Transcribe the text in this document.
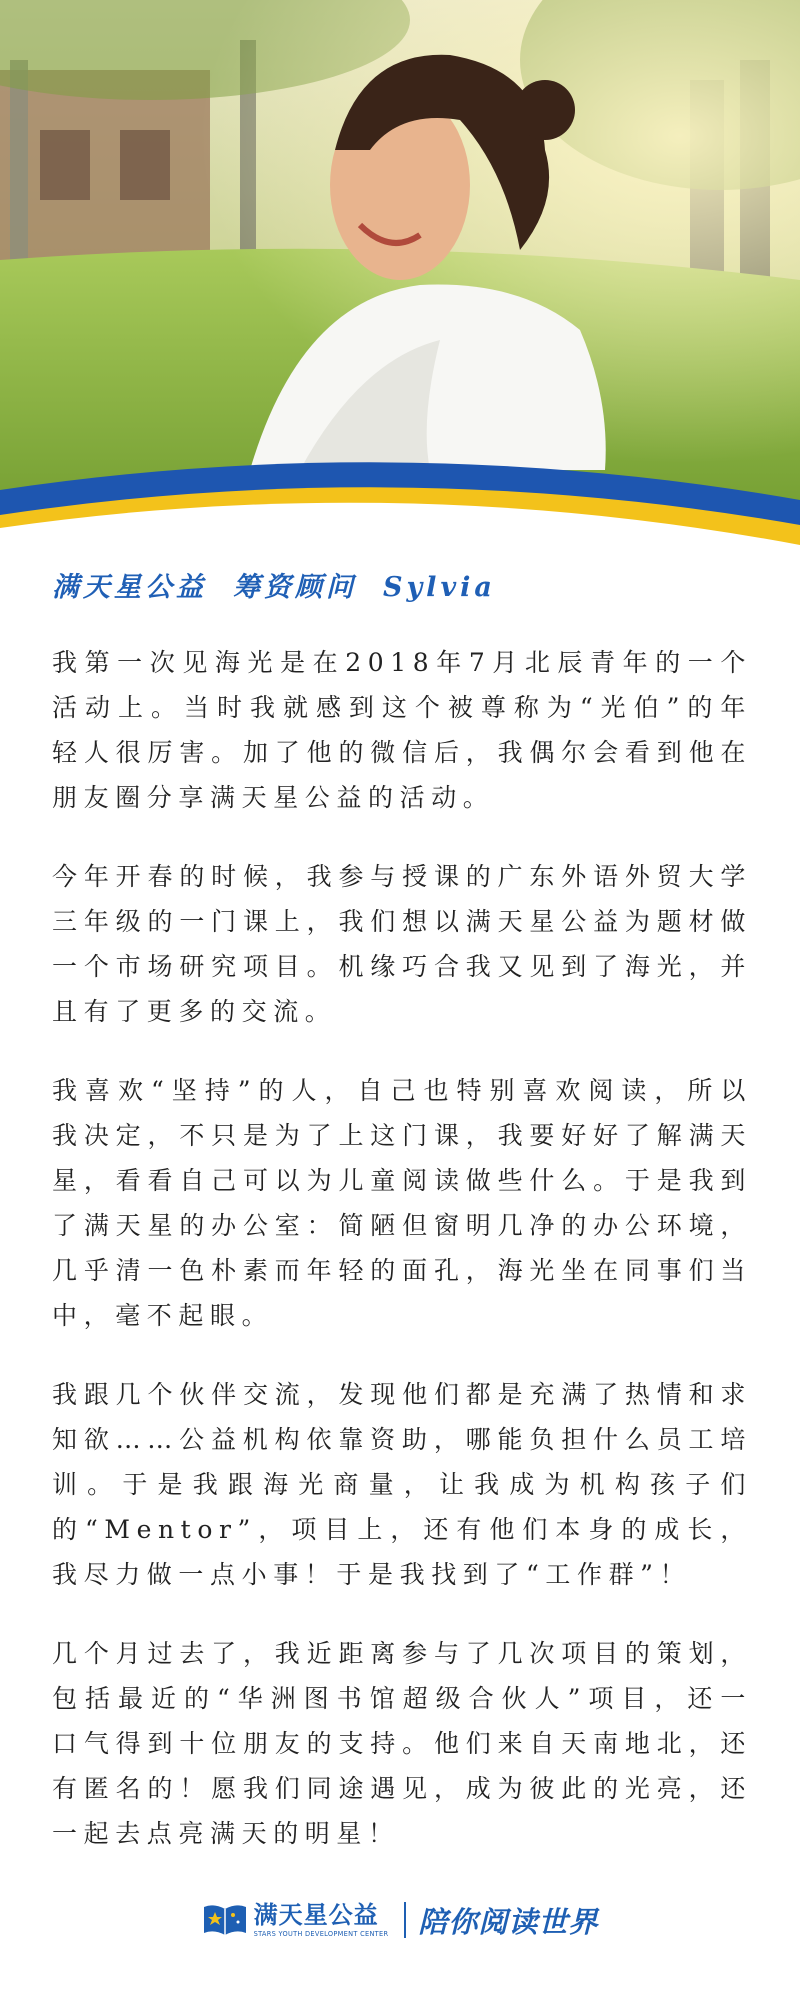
满天星公益 筹资顾问 Sylvia

我第一次见海光是在2018年7月北辰青年的一个活动上。当时我就感到这个被尊称为“光伯”的年轻人很厉害。加了他的微信后，我偶尔会看到他在朋友圈分享满天星公益的活动。

今年开春的时候，我参与授课的广东外语外贸大学三年级的一门课上，我们想以满天星公益为题材做一个市场研究项目。机缘巧合我又见到了海光，并且有了更多的交流。

我喜欢“坚持”的人，自己也特别喜欢阅读，所以我决定，不只是为了上这门课，我要好好了解满天星，看看自己可以为儿童阅读做些什么。于是我到了满天星的办公室：简陋但窗明几净的办公环境，几乎清一色朴素而年轻的面孔，海光坐在同事们当中，毫不起眼。

我跟几个伙伴交流，发现他们都是充满了热情和求知欲……公益机构依靠资助，哪能负担什么员工培训。于是我跟海光商量，让我成为机构孩子们的“Mentor”，项目上，还有他们本身的成长，我尽力做一点小事！于是我找到了“工作群”！

几个月过去了，我近距离参与了几次项目的策划，包括最近的“华洲图书馆超级合伙人”项目，还一口气得到十位朋友的支持。他们来自天南地北，还有匿名的！愿我们同途遇见，成为彼此的光亮，还一起去点亮满天的明星！

满天星公益
STARS YOUTH DEVELOPMENT CENTER 陪你阅读世界
